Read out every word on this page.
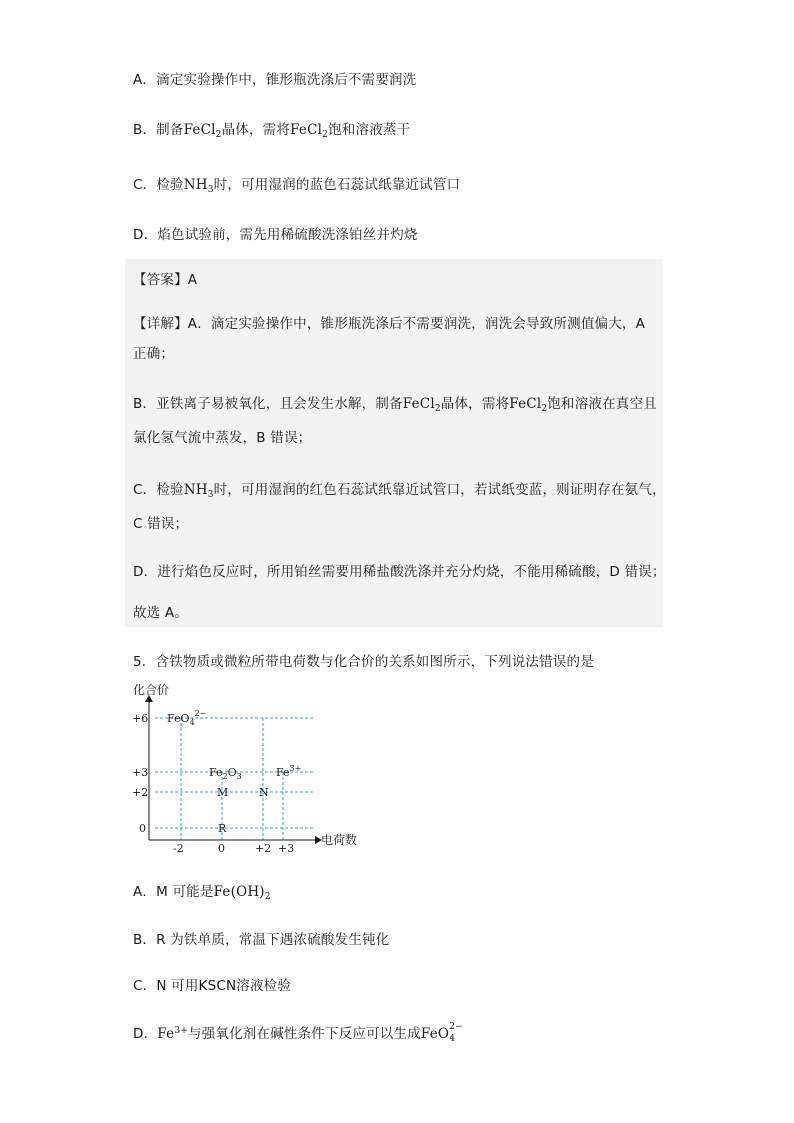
A．滴定实验操作中，锥形瓶洗涤后不需要润洗
B．制备FeCl$_2$晶体，需将FeCl$_2$饱和溶液蒸干
C．检验$NH_3$时，可用湿润的蓝色石蕊试纸靠近试管口
D．焰色试验前，需先用稀硫酸洗涤铂丝并灼烧
【答案】A
【详解】A．滴定实验操作中，锥形瓶洗涤后不需要润洗，润洗会导致所测值偏大，A
正确；
B．亚铁离子易被氧化，且会发生水解，制备FeCl$_2$晶体，需将FeCl$_2$饱和溶液在真空且
氯化氢气流中蒸发，B 错误；
C．检验$NH_3$时，可用湿润的红色石蕊试纸靠近试管口，若试纸变蓝，则证明存在氨气，
C 错误；
D．进行焰色反应时，所用铂丝需要用稀盐酸洗涤并充分灼烧，不能用稀硫酸，D 错误；
故选 A。
5．含铁物质或微粒所带电荷数与化合价的关系如图所示，下列说法错误的是
化合价
电荷数
+6
+3
+2
0
-2	0	+2 +3
FeO$_4^{2-}$
$Fe_2O_3$	$Fe^{3+}$
M	N
R
A．M 可能是$Fe(OH)_2$
B．R 为铁单质，常温下遇浓硫酸发生钝化
C．N 可用KSCN溶液检验
D．$Fe^{3+}$与强氧化剂在碱性条件下反应可以生成FeO 4
2−
